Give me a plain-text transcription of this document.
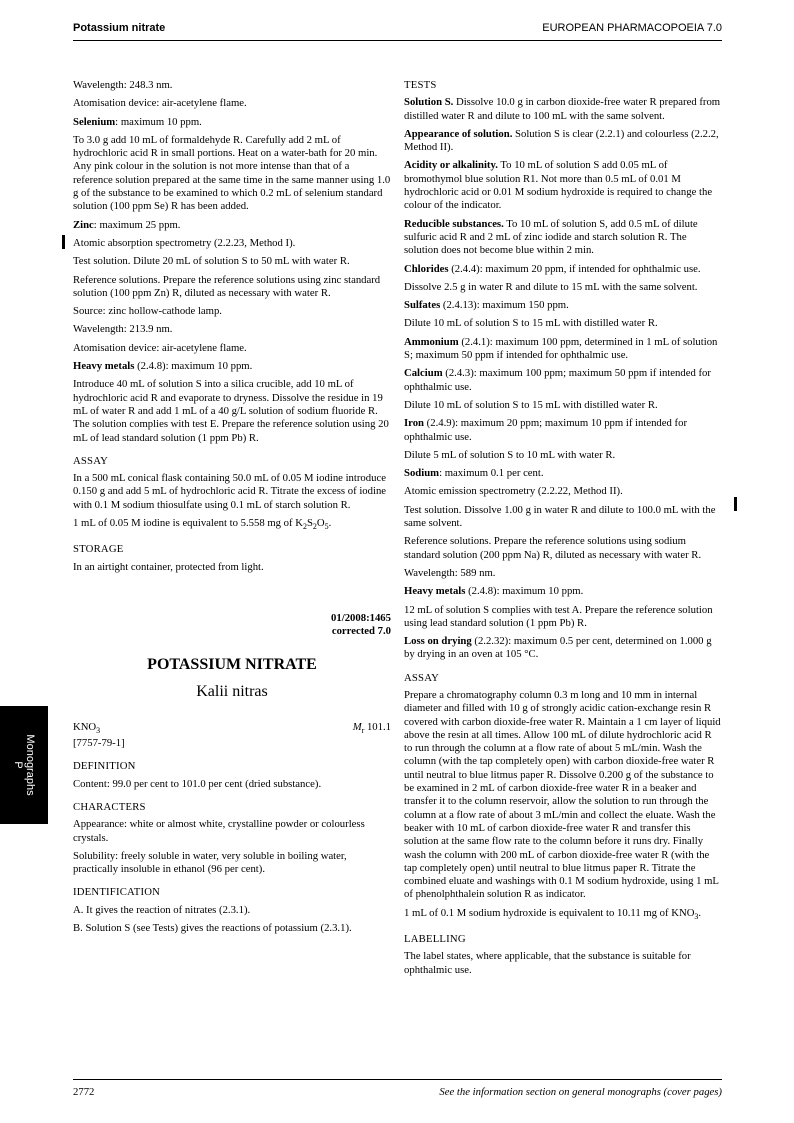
Potassium nitrate	EUROPEAN PHARMACOPOEIA 7.0
Monographs
P

Wavelength: 248.3 nm.

Atomisation device: air-acetylene flame.

Selenium: maximum 10 ppm.

To 3.0 g add 10 mL of formaldehyde R. Carefully add 2 mL of hydrochloric acid R in small portions. Heat on a water-bath for 20 min. Any pink colour in the solution is not more intense than that of a reference solution prepared at the same time in the same manner using 1.0 g of the substance to be examined to which 0.2 mL of selenium standard solution (100 ppm Se) R has been added.

Zinc: maximum 25 ppm.

Atomic absorption spectrometry (2.2.23, Method I).

Test solution. Dilute 20 mL of solution S to 50 mL with water R.

Reference solutions. Prepare the reference solutions using zinc standard solution (100 ppm Zn) R, diluted as necessary with water R.

Source: zinc hollow-cathode lamp.

Wavelength: 213.9 nm.

Atomisation device: air-acetylene flame.

Heavy metals (2.4.8): maximum 10 ppm.

Introduce 40 mL of solution S into a silica crucible, add 10 mL of hydrochloric acid R and evaporate to dryness. Dissolve the residue in 19 mL of water R and add 1 mL of a 40 g/L solution of sodium fluoride R. The solution complies with test E. Prepare the reference solution using 20 mL of lead standard solution (1 ppm Pb) R.

ASSAY

In a 500 mL conical flask containing 50.0 mL of 0.05 M iodine introduce 0.150 g and add 5 mL of hydrochloric acid R. Titrate the excess of iodine with 0.1 M sodium thiosulfate using 0.1 mL of starch solution R.

1 mL of 0.05 M iodine is equivalent to 5.558 mg of $K_2S_2O_5$.

STORAGE

In an airtight container, protected from light.

01/2008:1465
corrected 7.0
POTASSIUM NITRATE
Kalii nitras
$KNO_3$	$M_r$ 101.1

[7757-79-1]

DEFINITION

Content: 99.0 per cent to 101.0 per cent (dried substance).

CHARACTERS

Appearance: white or almost white, crystalline powder or colourless crystals.

Solubility: freely soluble in water, very soluble in boiling water, practically insoluble in ethanol (96 per cent).

IDENTIFICATION

A. It gives the reaction of nitrates (2.3.1).

B. Solution S (see Tests) gives the reactions of potassium (2.3.1).

TESTS

Solution S. Dissolve 10.0 g in carbon dioxide-free water R prepared from distilled water R and dilute to 100 mL with the same solvent.

Appearance of solution. Solution S is clear (2.2.1) and colourless (2.2.2, Method II).

Acidity or alkalinity. To 10 mL of solution S add 0.05 mL of bromothymol blue solution R1. Not more than 0.5 mL of 0.01 M hydrochloric acid or 0.01 M sodium hydroxide is required to change the colour of the indicator.

Reducible substances. To 10 mL of solution S, add 0.5 mL of dilute sulfuric acid R and 2 mL of zinc iodide and starch solution R. The solution does not become blue within 2 min.

Chlorides (2.4.4): maximum 20 ppm, if intended for ophthalmic use.

Dissolve 2.5 g in water R and dilute to 15 mL with the same solvent.

Sulfates (2.4.13): maximum 150 ppm.

Dilute 10 mL of solution S to 15 mL with distilled water R.

Ammonium (2.4.1): maximum 100 ppm, determined in 1 mL of solution S; maximum 50 ppm if intended for ophthalmic use.

Calcium (2.4.3): maximum 100 ppm; maximum 50 ppm if intended for ophthalmic use.

Dilute 10 mL of solution S to 15 mL with distilled water R.

Iron (2.4.9): maximum 20 ppm; maximum 10 ppm if intended for ophthalmic use.

Dilute 5 mL of solution S to 10 mL with water R.

Sodium: maximum 0.1 per cent.

Atomic emission spectrometry (2.2.22, Method II).

Test solution. Dissolve 1.00 g in water R and dilute to 100.0 mL with the same solvent.

Reference solutions. Prepare the reference solutions using sodium standard solution (200 ppm Na) R, diluted as necessary with water R.

Wavelength: 589 nm.

Heavy metals (2.4.8): maximum 10 ppm.

12 mL of solution S complies with test A. Prepare the reference solution using lead standard solution (1 ppm Pb) R.

Loss on drying (2.2.32): maximum 0.5 per cent, determined on 1.000 g by drying in an oven at 105 °C.

ASSAY

Prepare a chromatography column 0.3 m long and 10 mm in internal diameter and filled with 10 g of strongly acidic cation-exchange resin R covered with carbon dioxide-free water R. Maintain a 1 cm layer of liquid above the resin at all times. Allow 100 mL of dilute hydrochloric acid R to run through the column at a flow rate of about 5 mL/min. Wash the column (with the tap completely open) with carbon dioxide-free water R until neutral to blue litmus paper R. Dissolve 0.200 g of the substance to be examined in 2 mL of carbon dioxide-free water R in a beaker and transfer it to the column reservoir, allow the solution to run through the column at a flow rate of about 3 mL/min and collect the eluate. Wash the beaker with 10 mL of carbon dioxide-free water R and transfer this solution at the same flow rate to the column before it runs dry. Finally wash the column with 200 mL of carbon dioxide-free water R (with the tap completely open) until neutral to blue litmus paper R. Titrate the combined eluate and washings with 0.1 M sodium hydroxide, using 1 mL of phenolphthalein solution R as indicator.

1 mL of 0.1 M sodium hydroxide is equivalent to 10.11 mg of $KNO_3$.

LABELLING

The label states, where applicable, that the substance is suitable for ophthalmic use.

2772	See the information section on general monographs (cover pages)
